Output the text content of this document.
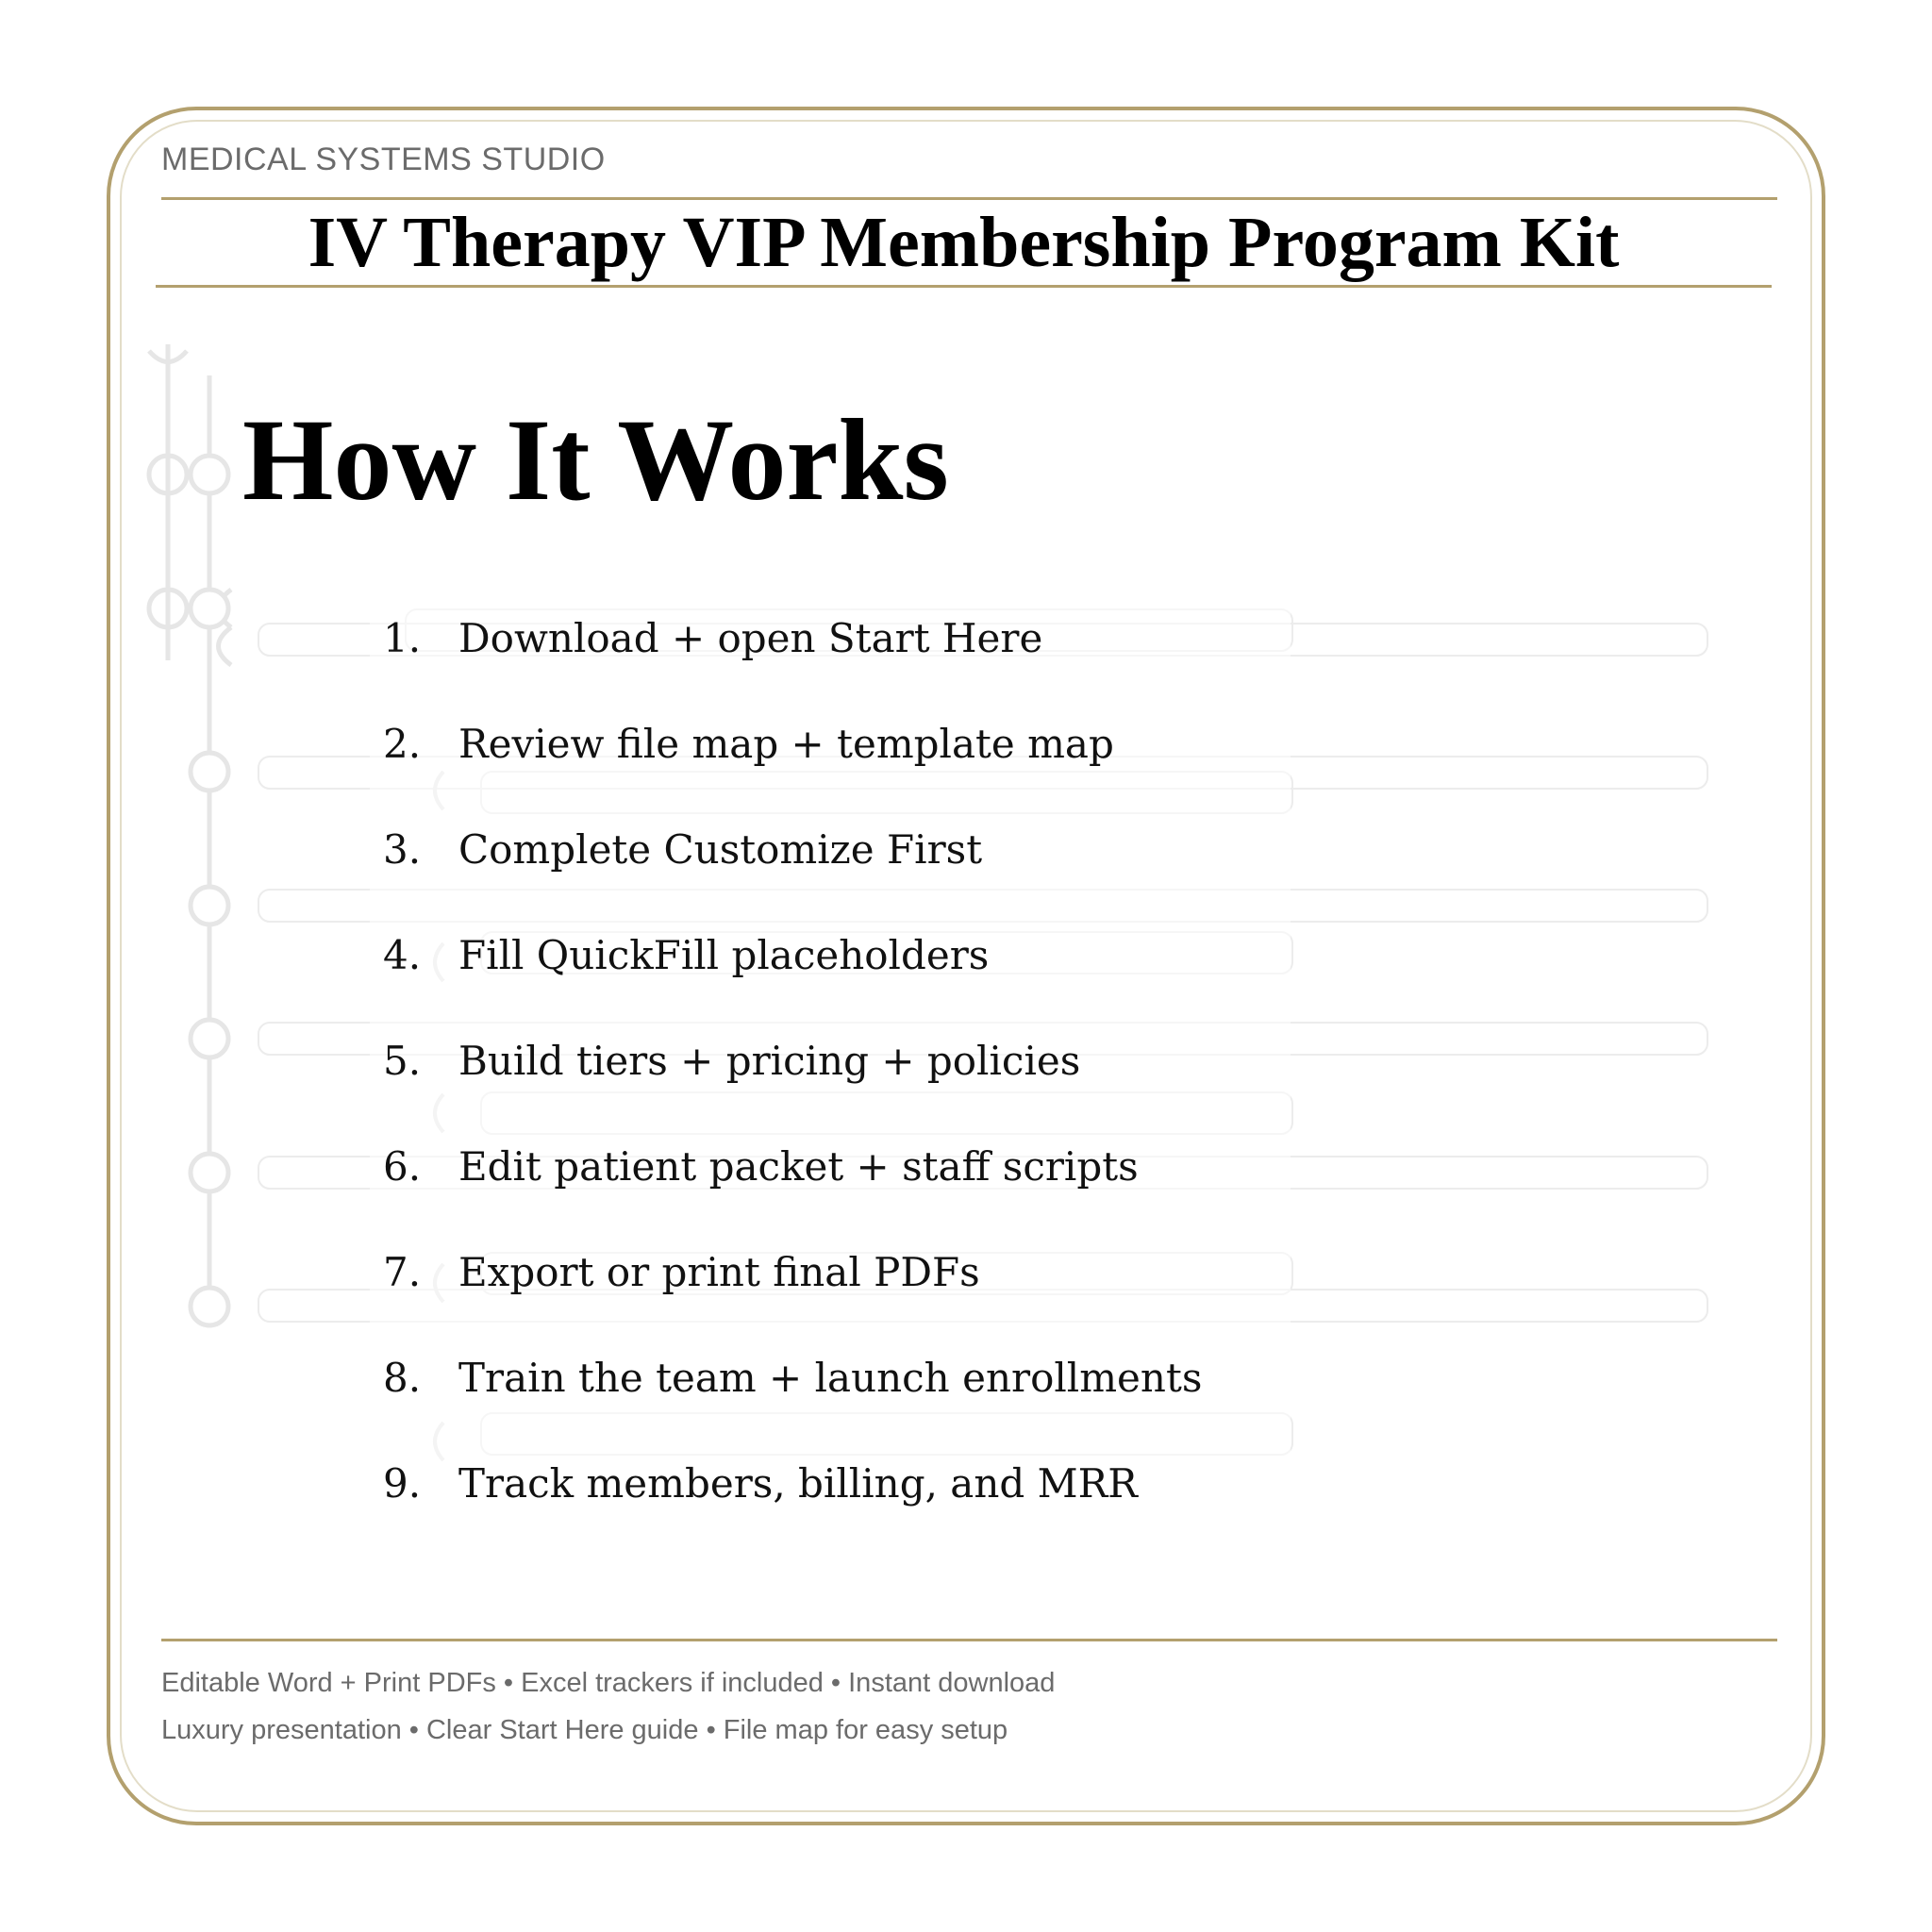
MEDICAL SYSTEMS STUDIO
IV Therapy VIP Membership Program Kit
How It Works
1. Download + open Start Here
2. Review file map + template map
3. Complete Customize First
4. Fill QuickFill placeholders
5. Build tiers + pricing + policies
6. Edit patient packet + staff scripts
7. Export or print final PDFs
8. Train the team + launch enrollments
9. Track members, billing, and MRR
Editable Word + Print PDFs • Excel trackers if included • Instant download
Luxury presentation • Clear Start Here guide • File map for easy setup
